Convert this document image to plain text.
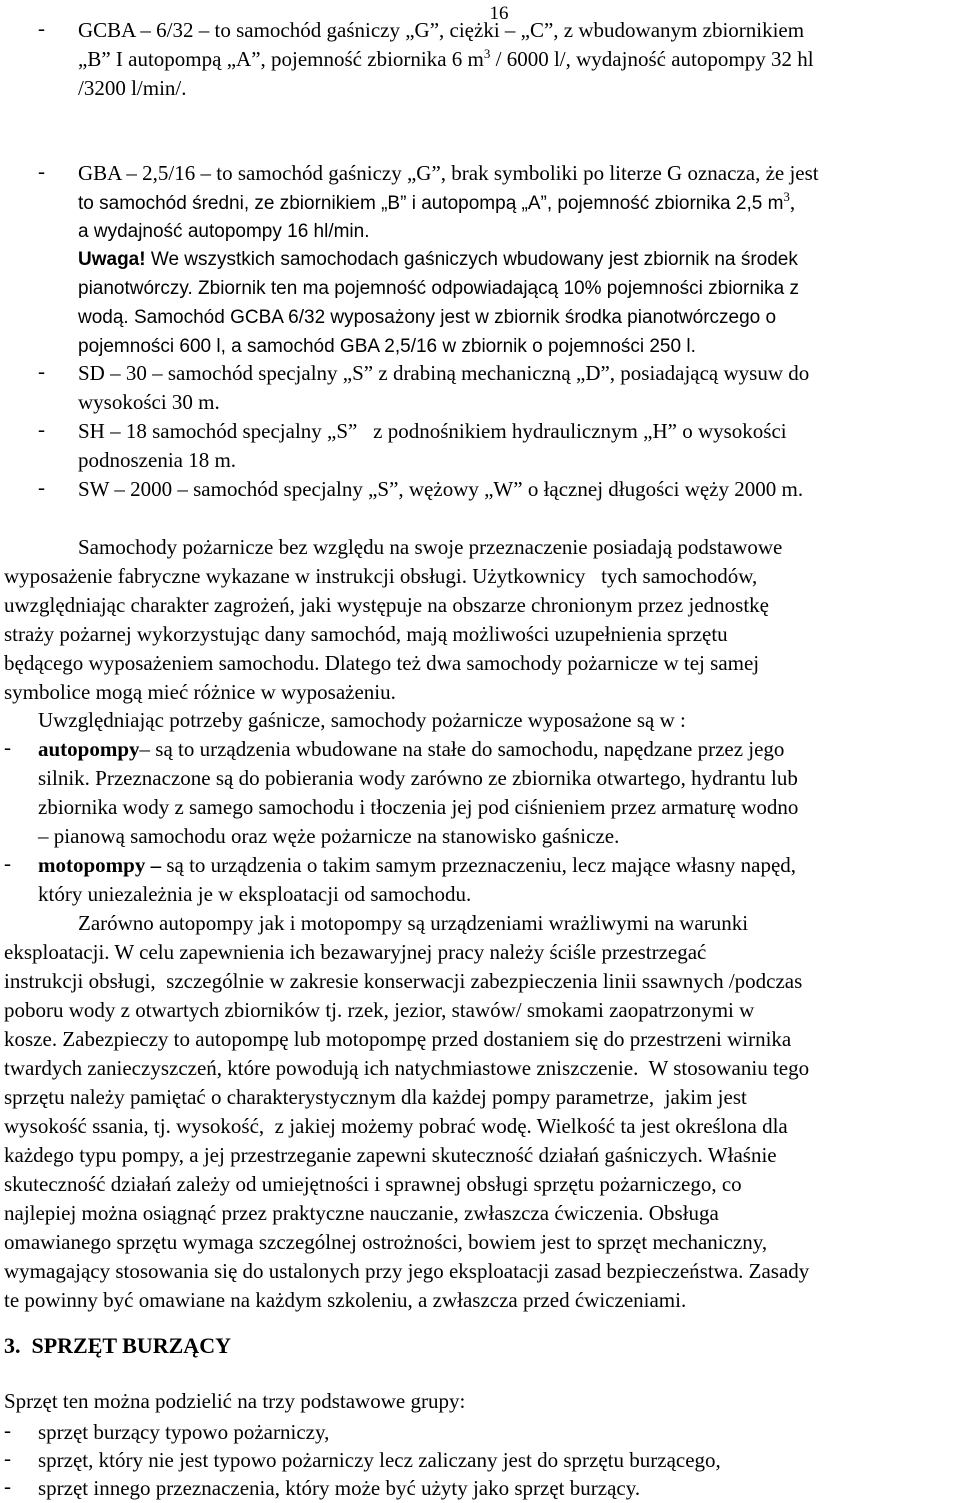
16
- GCBA – 6/32 – to samochód gaśniczy „G”, ciężki – „C”, z wbudowanym zbiornikiem
„B” I autopompą „A”, pojemność zbiornika 6 $m^3 / 6000$ l/, wydajność autopompy 32 hl
/3200 l/min/.
- GBA – 2,5/16 – to samochód gaśniczy „G”, brak symboliki po literze G oznacza, że jest
to samochód średni, ze zbiornikiem „B” i autopompą „A”, pojemność zbiornika 2,5 $m^3$,
a wydajność autopompy 16 hl/min.
Uwaga! We wszystkich samochodach gaśniczych wbudowany jest zbiornik na środek
pianotwórczy. Zbiornik ten ma pojemność odpowiadającą 10% pojemności zbiornika z
wodą. Samochód GCBA 6/32 wyposażony jest w zbiornik środka pianotwórczego o
pojemności 600 l, a samochód GBA 2,5/16 w zbiornik o pojemności 250 l.
- SD – 30 – samochód specjalny „S” z drabiną mechaniczną „D”, posiadającą wysuw do
wysokości 30 m.
- SH – 18 samochód specjalny „S”   z podnośnikiem hydraulicznym „H” o wysokości
podnoszenia 18 m.
- SW – 2000 – samochód specjalny „S”, wężowy „W” o łącznej długości węży 2000 m.
Samochody pożarnicze bez względu na swoje przeznaczenie posiadają podstawowe
wyposażenie fabryczne wykazane w instrukcji obsługi. Użytkownicy   tych samochodów,
uwzględniając charakter zagrożeń, jaki występuje na obszarze chronionym przez jednostkę
straży pożarnej wykorzystując dany samochód, mają możliwości uzupełnienia sprzętu
będącego wyposażeniem samochodu. Dlatego też dwa samochody pożarnicze w tej samej
symbolice mogą mieć różnice w wyposażeniu.
Uwzględniając potrzeby gaśnicze, samochody pożarnicze wyposażone są w :
- autopompy– są to urządzenia wbudowane na stałe do samochodu, napędzane przez jego
silnik. Przeznaczone są do pobierania wody zarówno ze zbiornika otwartego, hydrantu lub
zbiornika wody z samego samochodu i tłoczenia jej pod ciśnieniem przez armaturę wodno
– pianową samochodu oraz węże pożarnicze na stanowisko gaśnicze.
- motopompy – są to urządzenia o takim samym przeznaczeniu, lecz mające własny napęd,
który uniezależnia je w eksploatacji od samochodu.
Zarówno autopompy jak i motopompy są urządzeniami wrażliwymi na warunki
eksploatacji. W celu zapewnienia ich bezawaryjnej pracy należy ściśle przestrzegać
instrukcji obsługi,  szczególnie w zakresie konserwacji zabezpieczenia linii ssawnych /podczas
poboru wody z otwartych zbiorników tj. rzek, jezior, stawów/ smokami zaopatrzonymi w
kosze. Zabezpieczy to autopompę lub motopompę przed dostaniem się do przestrzeni wirnika
twardych zanieczyszczeń, które powodują ich natychmiastowe zniszczenie.  W stosowaniu tego
sprzętu należy pamiętać o charakterystycznym dla każdej pompy parametrze,  jakim jest
wysokość ssania, tj. wysokość,  z jakiej możemy pobrać wodę. Wielkość ta jest określona dla
każdego typu pompy, a jej przestrzeganie zapewni skuteczność działań gaśniczych. Właśnie
skuteczność działań zależy od umiejętności i sprawnej obsługi sprzętu pożarniczego, co
najlepiej można osiągnąć przez praktyczne nauczanie, zwłaszcza ćwiczenia. Obsługa
omawianego sprzętu wymaga szczególnej ostrożności, bowiem jest to sprzęt mechaniczny,
wymagający stosowania się do ustalonych przy jego eksploatacji zasad bezpieczeństwa. Zasady
te powinny być omawiane na każdym szkoleniu, a zwłaszcza przed ćwiczeniami.
3.  SPRZĘT BURZĄCY
Sprzęt ten można podzielić na trzy podstawowe grupy:
- sprzęt burzący typowo pożarniczy,
- sprzęt, który nie jest typowo pożarniczy lecz zaliczany jest do sprzętu burzącego,
- sprzęt innego przeznaczenia, który może być użyty jako sprzęt burzący.
